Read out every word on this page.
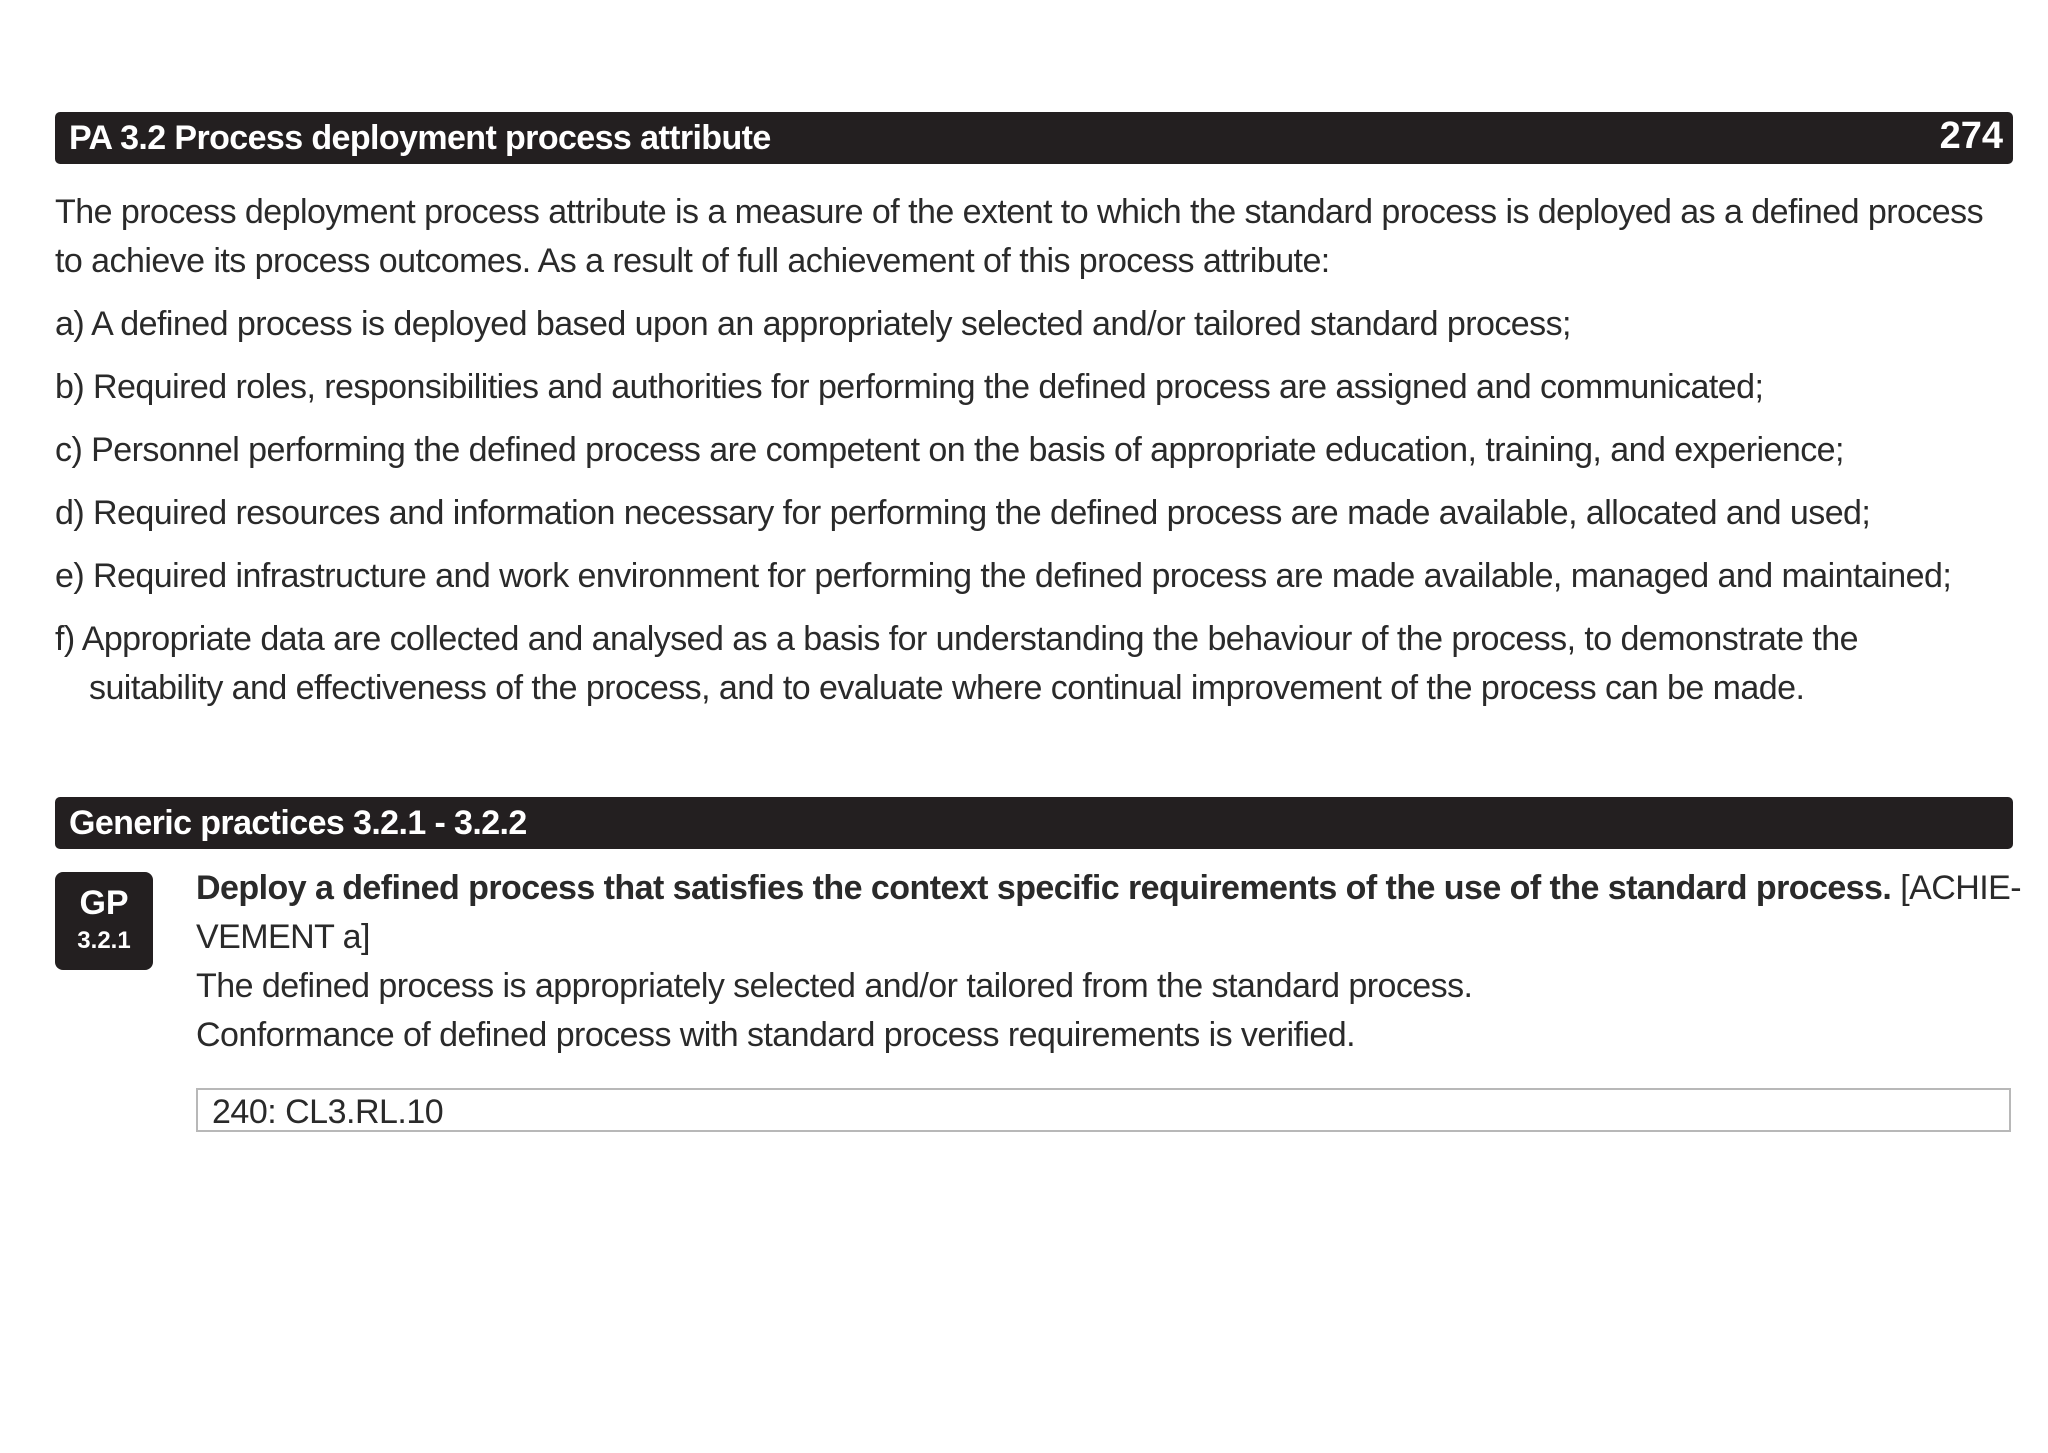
PA 3.2 Process deployment process attribute	274
The process deployment process attribute is a measure of the extent to which the standard process is deployed as a defined process
to achieve its process outcomes. As a result of full achievement of this process attribute:
a) A defined process is deployed based upon an appropriately selected and/or tailored standard process;
b) Required roles, responsibilities and authorities for performing the defined process are assigned and communicated;
c) Personnel performing the defined process are competent on the basis of appropriate education, training, and experience;
d) Required resources and information necessary for performing the defined process are made available, allocated and used;
e) Required infrastructure and work environment for performing the defined process are made available, managed and maintained;
f) Appropriate data are collected and analysed as a basis for understanding the behaviour of the process, to demonstrate the
suitability and effectiveness of the process, and to evaluate where continual improvement of the process can be made.
Generic practices 3.2.1 - 3.2.2
GP
3.2.1
Deploy a defined process that satisfies the context specific requirements of the use of the standard process. [ACHIE-
VEMENT a]
The defined process is appropriately selected and/or tailored from the standard process.
Conformance of defined process with standard process requirements is verified.
240: CL3.RL.10
